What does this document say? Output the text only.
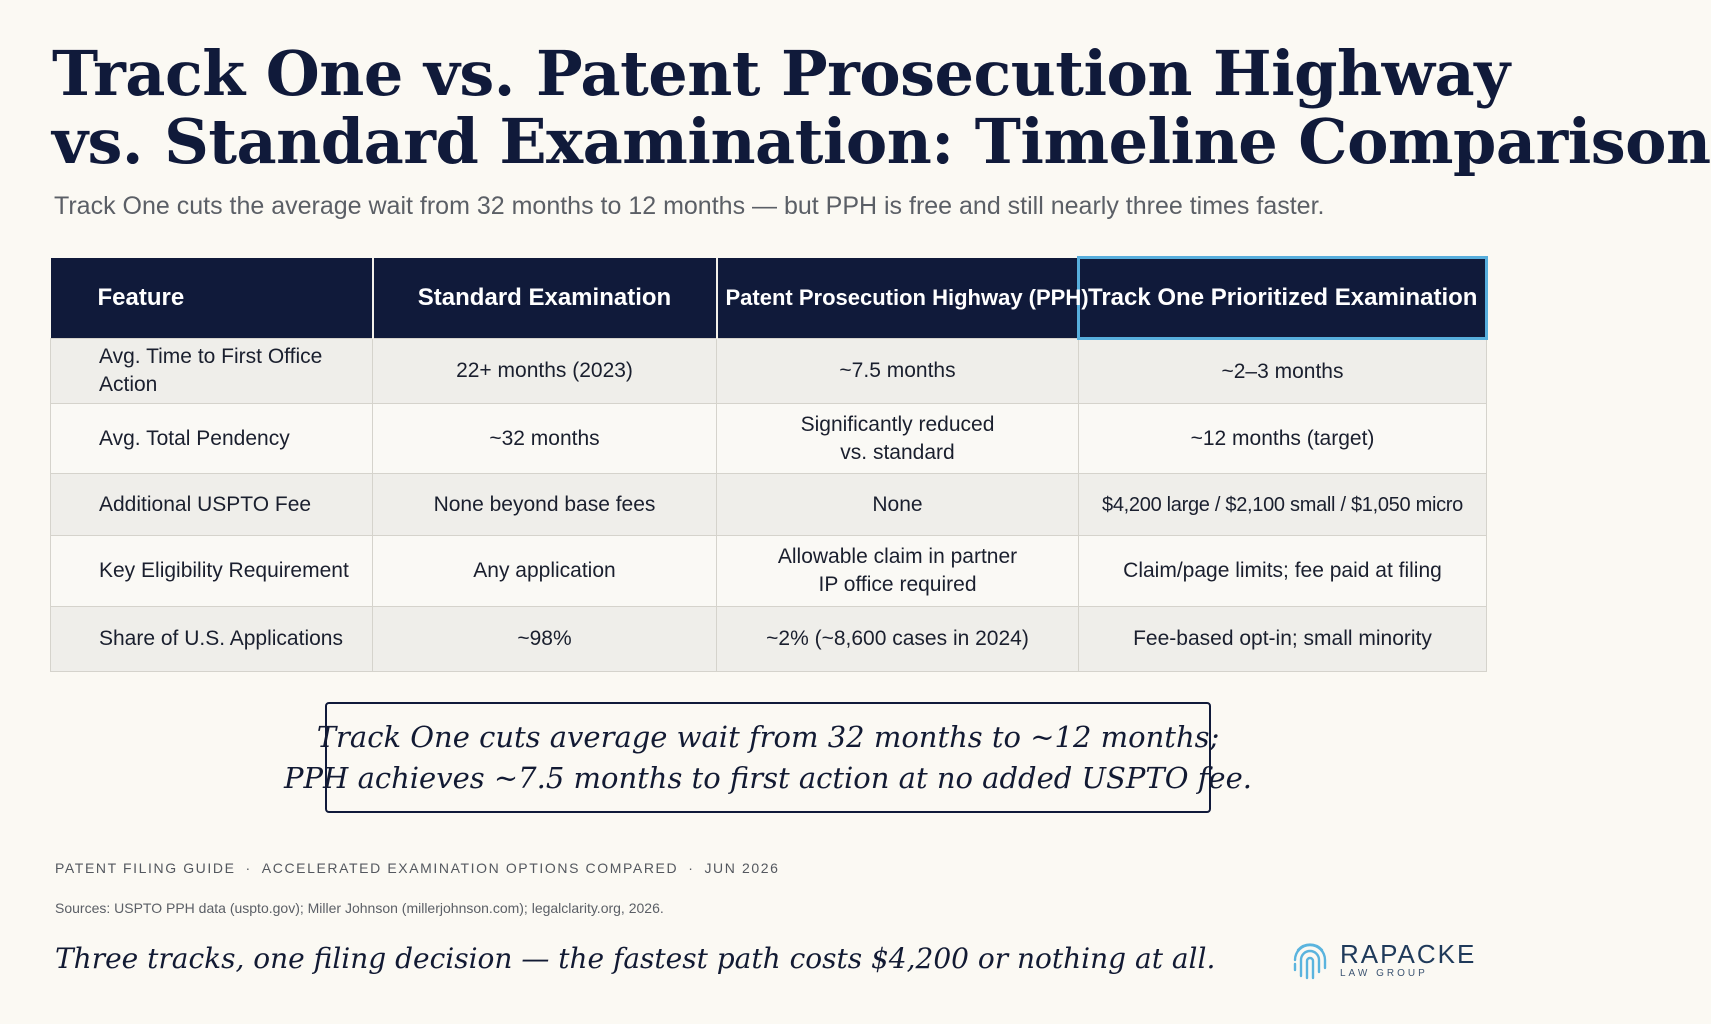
Track One vs. Patent Prosecution Highway
vs. Standard Examination: Timeline Comparison

Track One cuts the average wait from 32 months to 12 months — but PPH is free and still nearly three times faster.

Feature	Standard Examination	Patent Prosecution Highway (PPH)	Track One Prioritized Examination
Avg. Time to First Office Action	22+ months (2023)	~7.5 months	~2–3 months
Avg. Total Pendency	~32 months	Significantly reduced vs. standard	~12 months (target)
Additional USPTO Fee	None beyond base fees	None	$4,200 large / $2,100 small / $1,050 micro
Key Eligibility Requirement	Any application	Allowable claim in partner IP office required	Claim/page limits; fee paid at filing
Share of U.S. Applications	~98%	~2% (~8,600 cases in 2024)	Fee-based opt-in; small minority
Track One cuts average wait from 32 months to ~12 months;
PPH achieves ~7.5 months to first action at no added USPTO fee.
PATENT FILING GUIDE · ACCELERATED EXAMINATION OPTIONS COMPARED · JUN 2026
Sources: USPTO PPH data (uspto.gov); Miller Johnson (millerjohnson.com); legalclarity.org, 2026.
Three tracks, one filing decision — the fastest path costs $4,200 or nothing at all.	RAPACKE
LAW GROUP
